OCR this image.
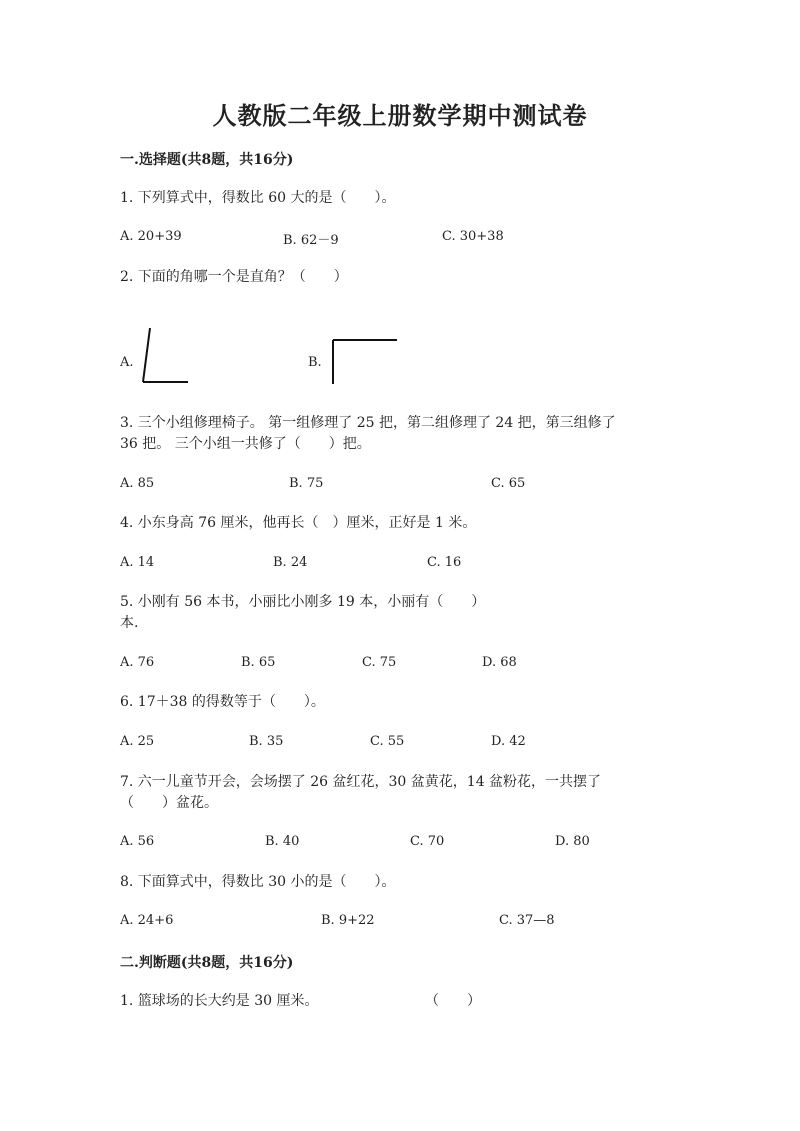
人教版二年级上册数学期中测试卷
一.选择题(共8题，共16分)
1. 下列算式中，得数比 60 大的是（　　）。
A. 20+39	B. 62－9	C. 30+38
2. 下面的角哪一个是直角？（　　）
A.	B.
3. 三个小组修理椅子。 第一组修理了 25 把，第二组修理了 24 把，第三组修了
36 把。 三个小组一共修了（　　）把。
A. 85	B. 75	C. 65
4. 小东身高 76 厘米，他再长（　）厘米，正好是 1 米。
A. 14	B. 24	C. 16
5. 小刚有 56 本书，小丽比小刚多 19 本，小丽有（　　）
本.
A. 76	B. 65	C. 75	D. 68
6. 17＋38 的得数等于（　　）。
A. 25	B. 35	C. 55	D. 42
7. 六一儿童节开会，会场摆了 26 盆红花，30 盆黄花，14 盆粉花，一共摆了
（　　）盆花。
A. 56	B. 40	C. 70	D. 80
8. 下面算式中，得数比 30 小的是（　　）。
A. 24+6	B. 9+22	C. 37—8
二.判断题(共8题，共16分)
1. 篮球场的长大约是 30 厘米。	（　　）
